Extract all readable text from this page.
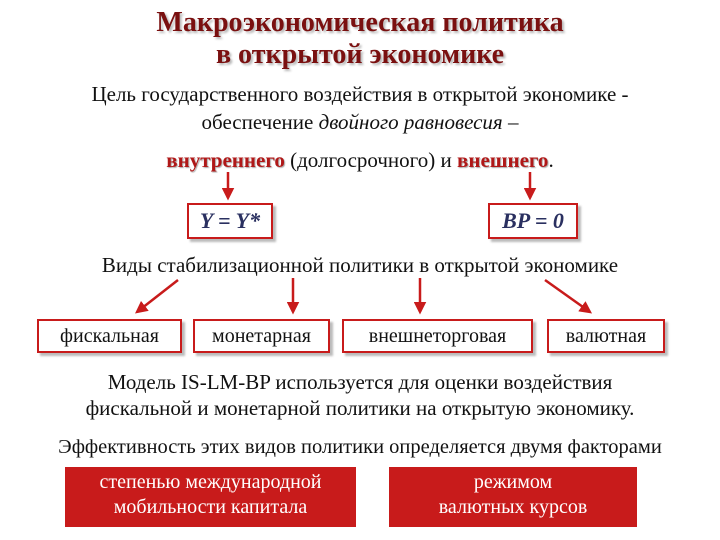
Макроэкономическая политика
в открытой экономике
Цель государственного воздействия в открытой экономике -
обеспечение двойного равновесия –
внутреннего (долгосрочного) и внешнего.
Y = Y*	BP = 0
Виды стабилизационной политики в открытой экономике
фискальная	монетарная	внешнеторговая	валютная
Модель IS-LM-BP используется для оценки воздействия
фискальной и монетарной политики на открытую экономику.
Эффективность этих видов политики определяется двумя факторами
степенью международной
мобильности капитала
режимом
валютных курсов
